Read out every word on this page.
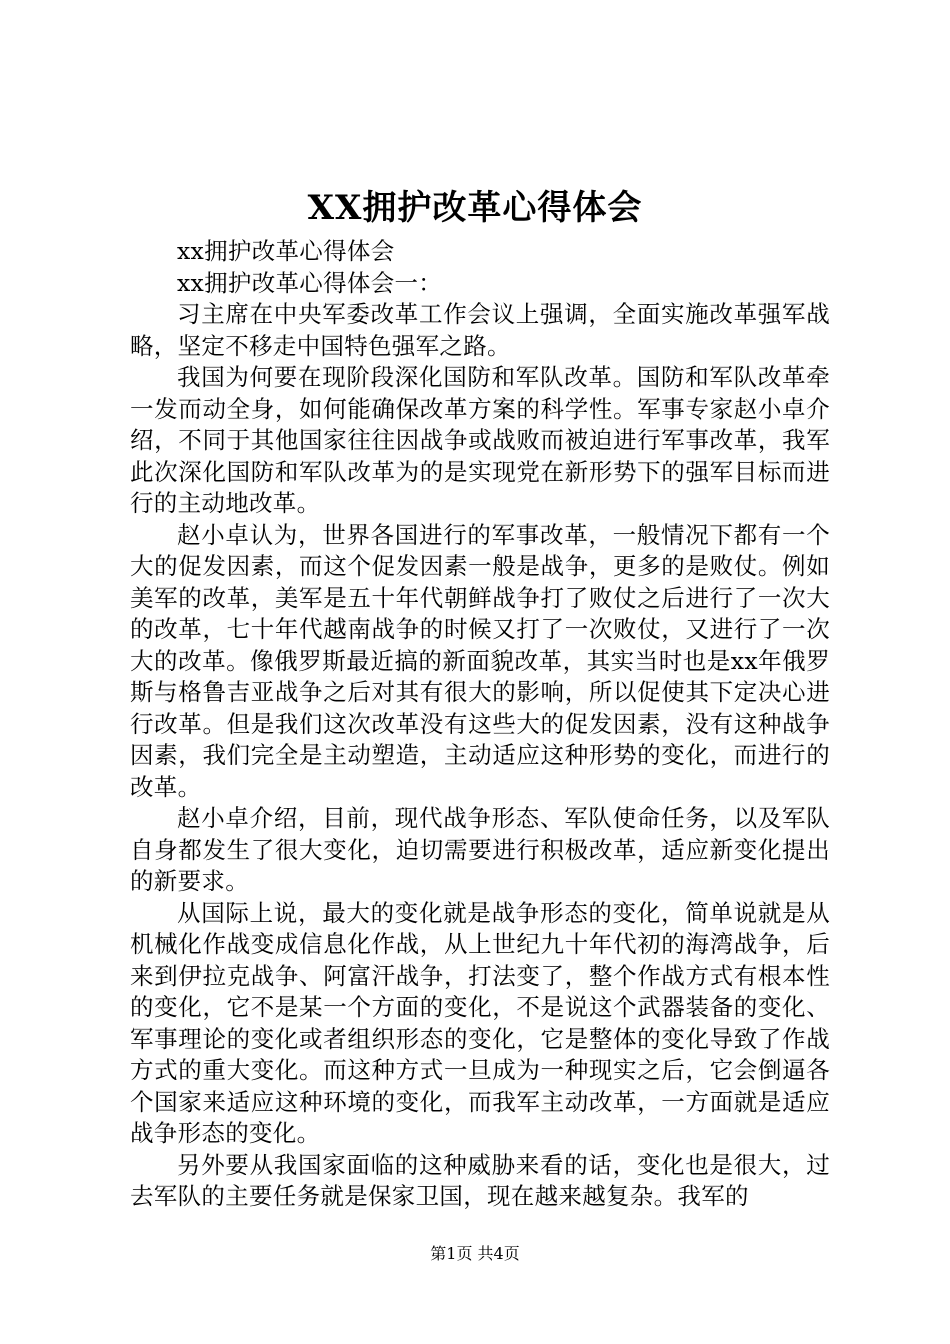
XX拥护改革心得体会

xx拥护改革心得体会

xx拥护改革心得体会一：

习主席在中央军委改革工作会议上强调，全面实施改革强军战略，坚定不移走中国特色强军之路。

我国为何要在现阶段深化国防和军队改革。国防和军队改革牵一发而动全身，如何能确保改革方案的科学性。军事专家赵小卓介绍，不同于其他国家往往因战争或战败而被迫进行军事改革，我军此次深化国防和军队改革为的是实现党在新形势下的强军目标而进行的主动地改革。

赵小卓认为，世界各国进行的军事改革，一般情况下都有一个大的促发因素，而这个促发因素一般是战争，更多的是败仗。例如美军的改革，美军是五十年代朝鲜战争打了败仗之后进行了一次大的改革，七十年代越南战争的时候又打了一次败仗，又进行了一次大的改革。像俄罗斯最近搞的新面貌改革，其实当时也是xx年俄罗斯与格鲁吉亚战争之后对其有很大的影响，所以促使其下定决心进行改革。但是我们这次改革没有这些大的促发因素，没有这种战争因素，我们完全是主动塑造，主动适应这种形势的变化，而进行的改革。

赵小卓介绍，目前，现代战争形态、军队使命任务，以及军队自身都发生了很大变化，迫切需要进行积极改革，适应新变化提出的新要求。

从国际上说，最大的变化就是战争形态的变化，简单说就是从机械化作战变成信息化作战，从上世纪九十年代初的海湾战争，后来到伊拉克战争、阿富汗战争，打法变了，整个作战方式有根本性的变化，它不是某一个方面的变化，不是说这个武器装备的变化、军事理论的变化或者组织形态的变化，它是整体的变化导致了作战方式的重大变化。而这种方式一旦成为一种现实之后，它会倒逼各个国家来适应这种环境的变化，而我军主动改革，一方面就是适应战争形态的变化。

另外要从我国家面临的这种威胁来看的话，变化也是很大，过去军队的主要任务就是保家卫国，现在越来越复杂。我军的

第1页 共4页
